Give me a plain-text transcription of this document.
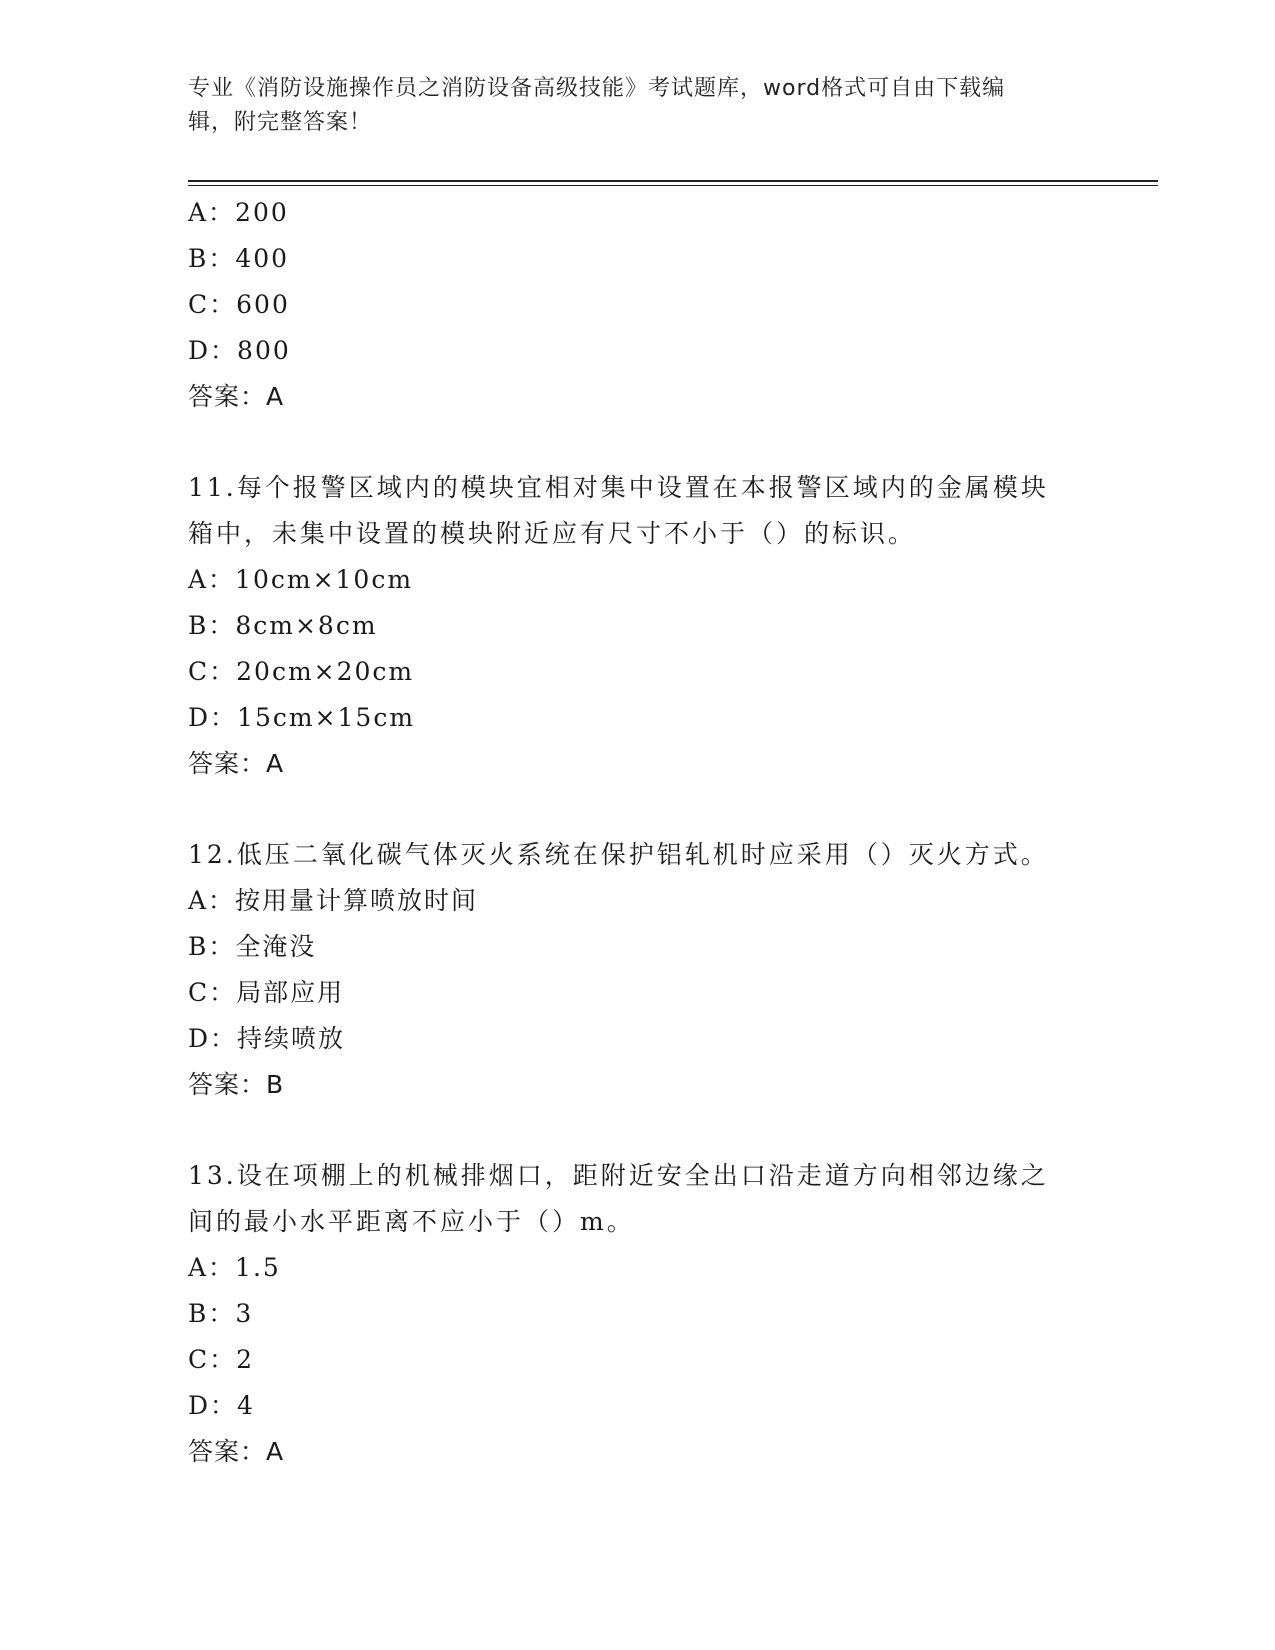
专业《消防设施操作员之消防设备高级技能》考试题库，word格式可自由下载编
辑，附完整答案！
A：200
B：400
C：600
D：800
答案：A
11.每个报警区域内的模块宜相对集中设置在本报警区域内的金属模块
箱中，未集中设置的模块附近应有尺寸不小于（）的标识。
A：10cm×10cm
B：8cm×8cm
C：20cm×20cm
D：15cm×15cm
答案：A
12.低压二氧化碳气体灭火系统在保护铝轧机时应采用（）灭火方式。
A：按用量计算喷放时间
B：全淹没
C：局部应用
D：持续喷放
答案：B
13.设在项棚上的机械排烟口，距附近安全出口沿走道方向相邻边缘之
间的最小水平距离不应小于（）m。
A：1.5
B：3
C：2
D：4
答案：A
